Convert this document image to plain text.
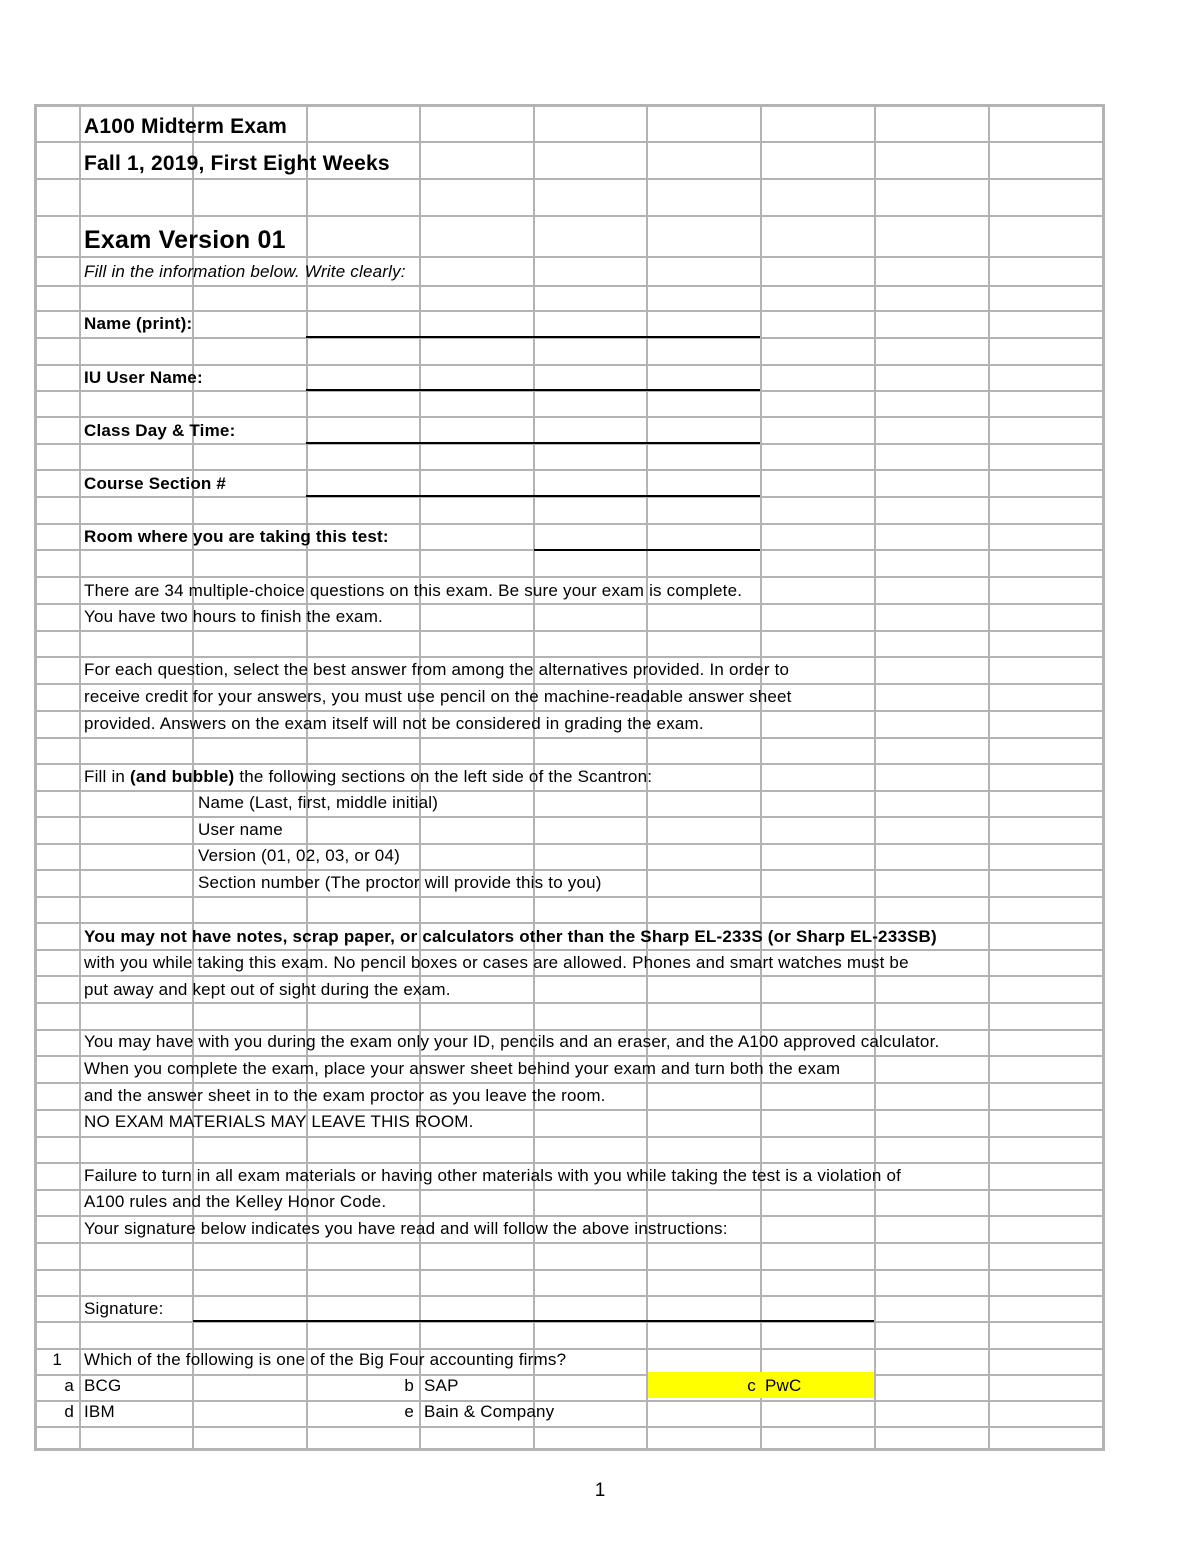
A100 Midterm Exam
Fall 1, 2019, First Eight Weeks
Exam Version 01
Fill in the information below. Write clearly:
Name (print):
IU User Name:
Class Day & Time:
Course Section #
Room where you are taking this test:
There are 34 multiple-choice questions on this exam. Be sure your exam is complete.
You have two hours to finish the exam.
For each question, select the best answer from among the alternatives provided. In order to
receive credit for your answers, you must use pencil on the machine-readable answer sheet
provided. Answers on the exam itself will not be considered in grading the exam.
Fill in (and bubble) the following sections on the left side of the Scantron:
Name (Last, first, middle initial)
User name
Version (01, 02, 03, or 04)
Section number (The proctor will provide this to you)
You may not have notes, scrap paper, or calculators other than the Sharp EL-233S (or Sharp EL-233SB)
with you while taking this exam. No pencil boxes or cases are allowed. Phones and smart watches must be
put away and kept out of sight during the exam.
You may have with you during the exam only your ID, pencils and an eraser, and the A100 approved calculator.
When you complete the exam, place your answer sheet behind your exam and turn both the exam
and the answer sheet in to the exam proctor as you leave the room.
NO EXAM MATERIALS MAY LEAVE THIS ROOM.
Failure to turn in all exam materials or having other materials with you while taking the test is a violation of
A100 rules and the Kelley Honor Code.
Your signature below indicates you have read and will follow the above instructions:
Signature:
1 Which of the following is one of the Big Four accounting firms?
a BCG	b SAP	c PwC
d IBM	e Bain & Company
1
